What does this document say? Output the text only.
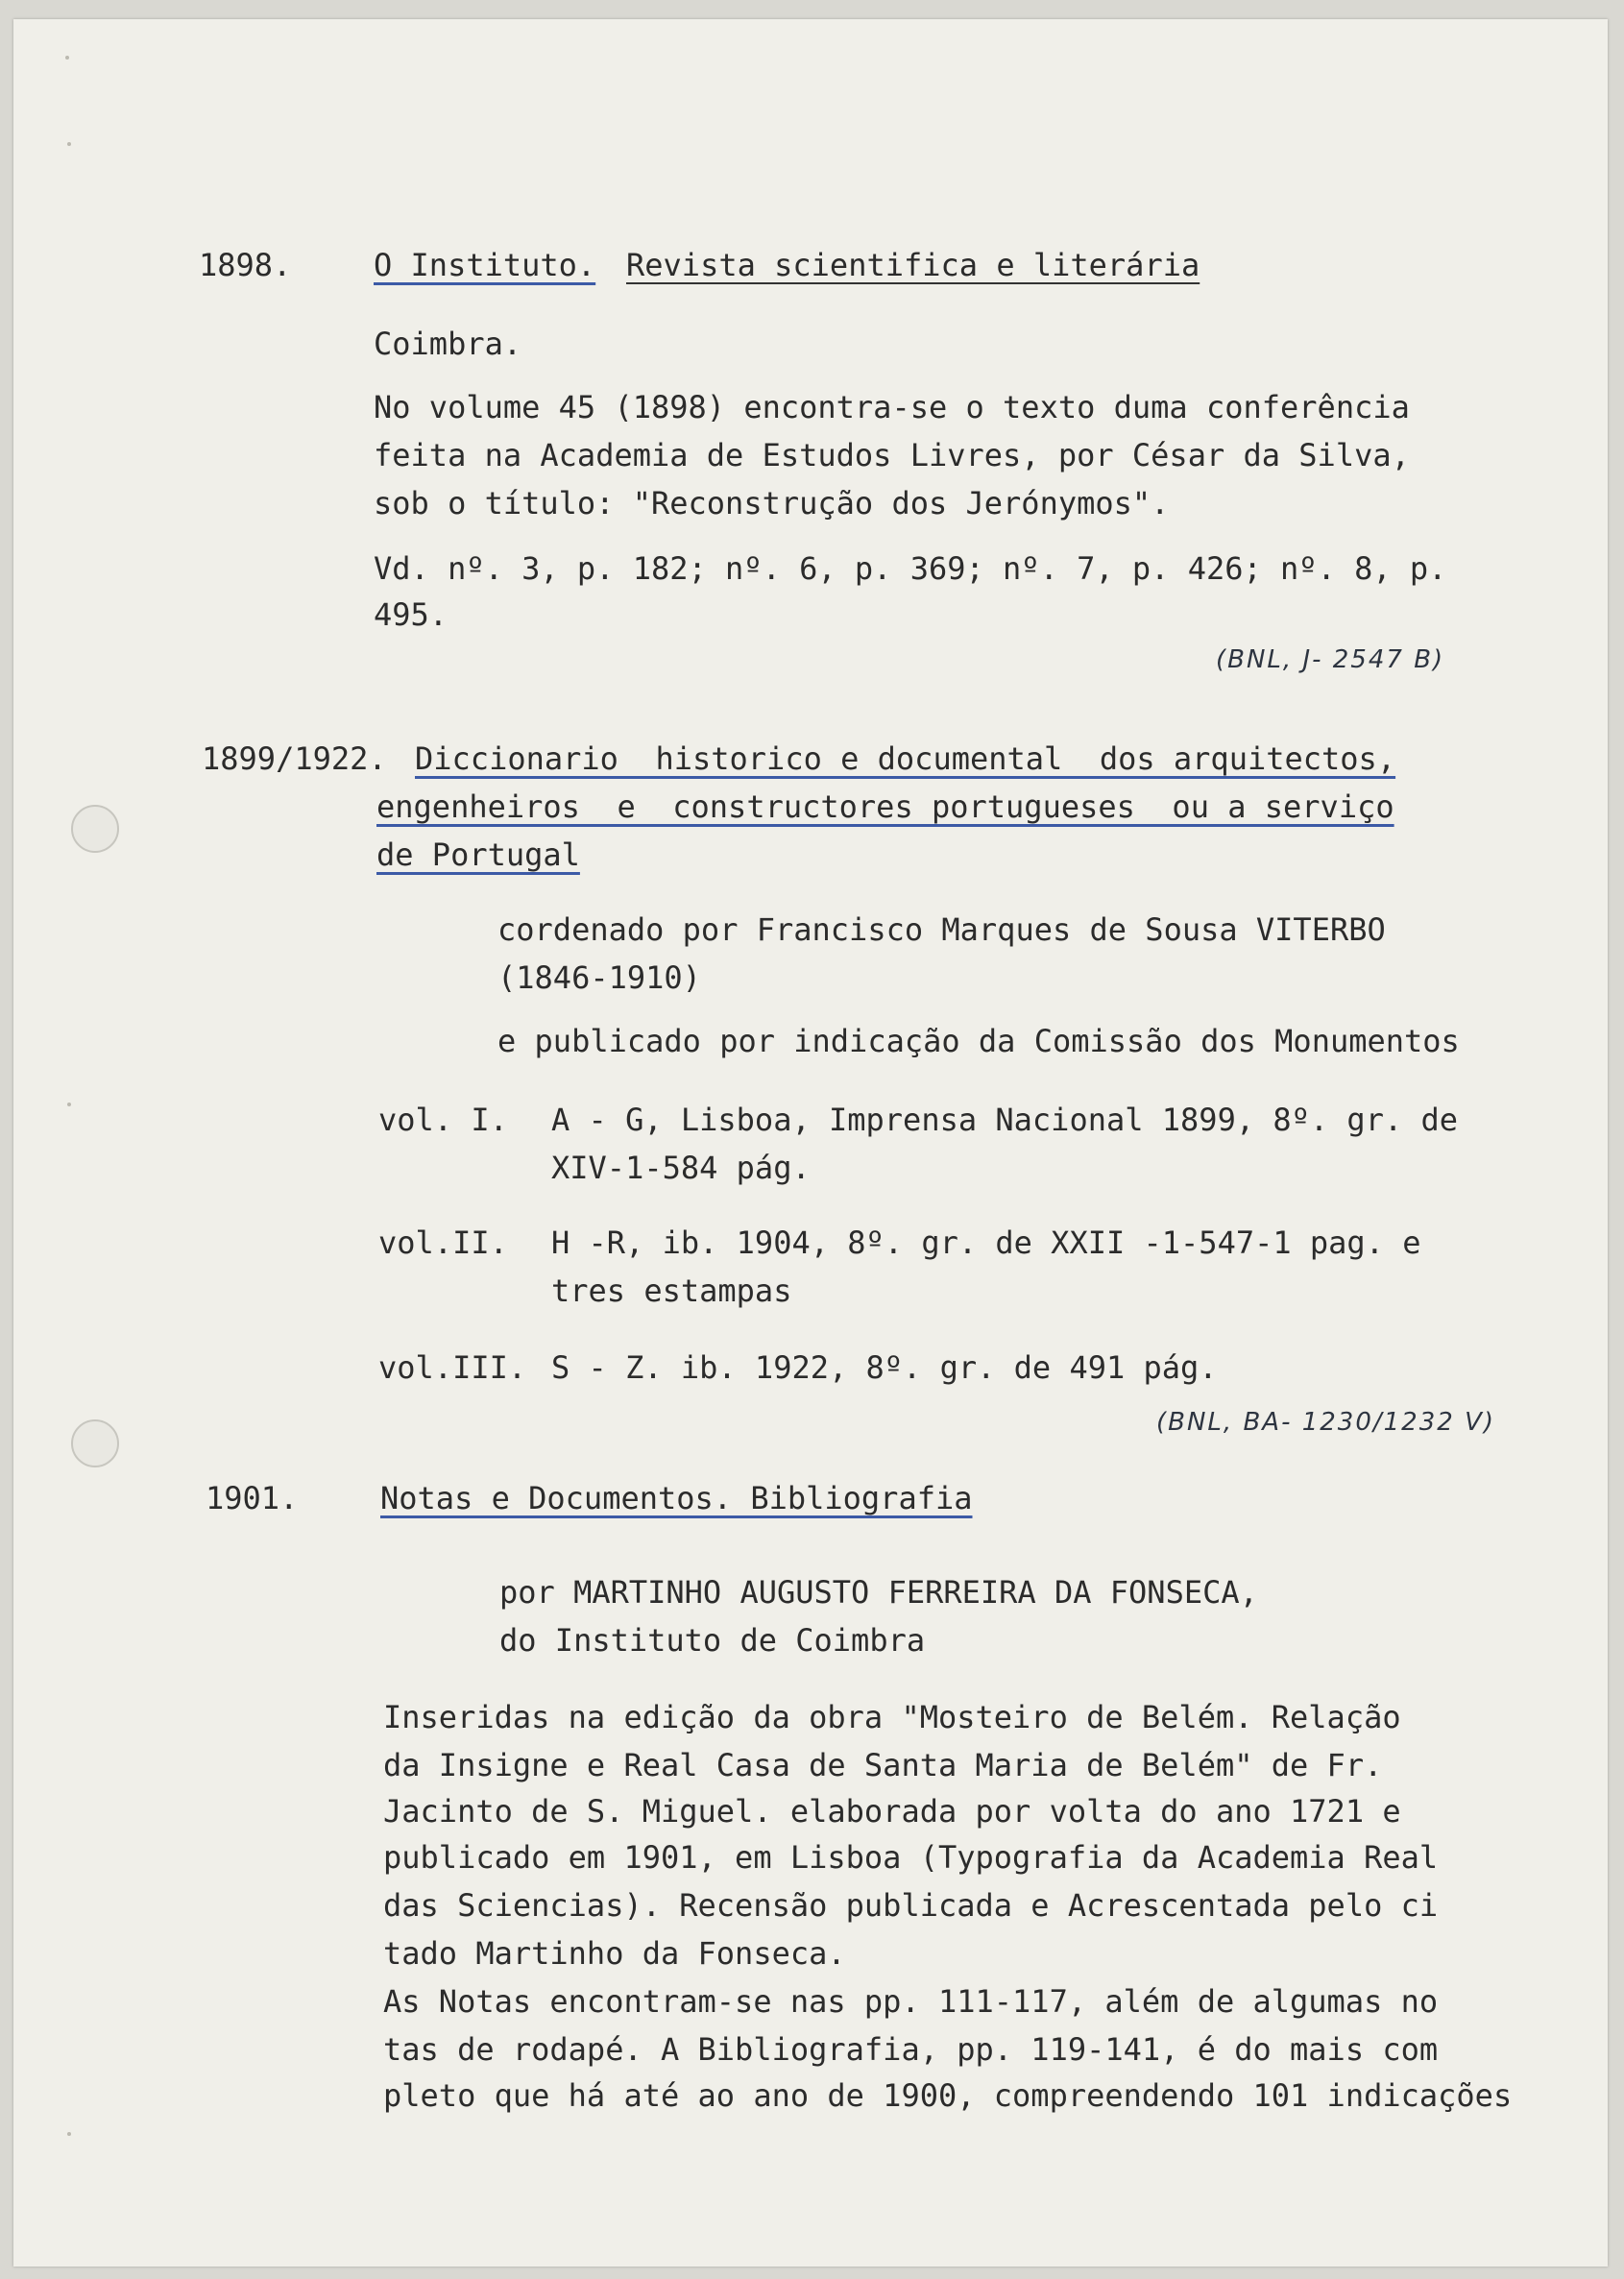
1898.	O Instituto. Revista scientifica e literária
Coimbra.
No volume 45 (1898) encontra-se o texto duma conferência
feita na Academia de Estudos Livres, por César da Silva,
sob o título: "Reconstrução dos Jerónymos".
Vd. nº. 3, p. 182; nº. 6, p. 369; nº. 7, p. 426; nº. 8, p.
495.
(BNL, J- 2547 B)
1899/1922. Diccionario  historico e documental  dos arquitectos,
engenheiros  e  constructores portugueses  ou a serviço
de Portugal
cordenado por Francisco Marques de Sousa VITERBO
(1846-1910)
e publicado por indicação da Comissão dos Monumentos
vol. I. A - G, Lisboa, Imprensa Nacional 1899, 8º. gr. de
XIV-1-584 pág.
vol.II. H -R, ib. 1904, 8º. gr. de XXII -1-547-1 pag. e
tres estampas
vol.III. S - Z. ib. 1922, 8º. gr. de 491 pág.
(BNL, BA- 1230/1232 V)
1901.	Notas e Documentos. Bibliografia
por MARTINHO AUGUSTO FERREIRA DA FONSECA,
do Instituto de Coimbra
Inseridas na edição da obra "Mosteiro de Belém. Relação
da Insigne e Real Casa de Santa Maria de Belém" de Fr.
Jacinto de S. Miguel. elaborada por volta do ano 1721 e
publicado em 1901, em Lisboa (Typografia da Academia Real
das Sciencias). Recensão publicada e Acrescentada pelo ci
tado Martinho da Fonseca.
As Notas encontram-se nas pp. 111-117, além de algumas no
tas de rodapé. A Bibliografia, pp. 119-141, é do mais com
pleto que há até ao ano de 1900, compreendendo 101 indicações
